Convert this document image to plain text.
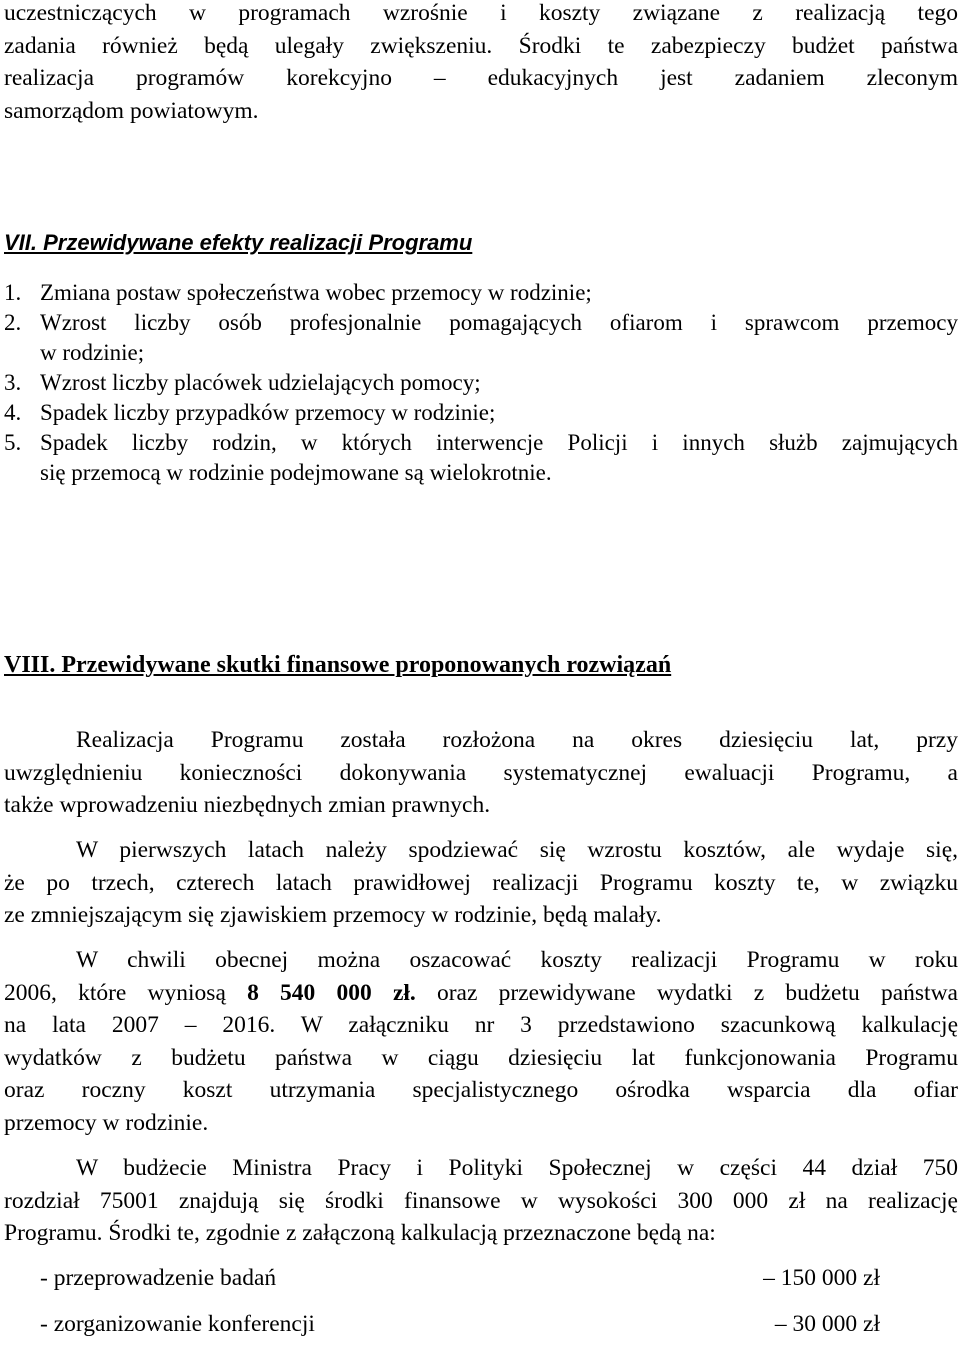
uczestniczących w programach wzrośnie i koszty związane z realizacją tego
zadania również będą ulegały zwiększeniu. Środki te zabezpieczy budżet państwa
realizacja programów korekcyjno – edukacyjnych jest zadaniem zleconym
samorządom powiatowym.
VII. Przewidywane efekty realizacji Programu
1. Zmiana postaw społeczeństwa wobec przemocy w rodzinie;
2. Wzrost liczby osób profesjonalnie pomagających ofiarom i sprawcom przemocy
w rodzinie;
3. Wzrost liczby placówek udzielających pomocy;
4. Spadek liczby przypadków przemocy w rodzinie;
5. Spadek liczby rodzin, w których interwencje Policji i innych służb zajmujących
się przemocą w rodzinie podejmowane są wielokrotnie.
VIII. Przewidywane skutki finansowe proponowanych rozwiązań
Realizacja Programu została rozłożona na okres dziesięciu lat, przy
uwzględnieniu konieczności dokonywania systematycznej ewaluacji Programu, a
także wprowadzeniu niezbędnych zmian prawnych.
W pierwszych latach należy spodziewać się wzrostu kosztów, ale wydaje się,
że po trzech, czterech latach prawidłowej realizacji Programu koszty te, w związku
ze zmniejszającym się zjawiskiem przemocy w rodzinie, będą malały.
W chwili obecnej można oszacować koszty realizacji Programu w roku
2006, które wyniosą 8 540 000 zł. oraz przewidywane wydatki z budżetu państwa
na lata 2007 – 2016. W załączniku nr 3 przedstawiono szacunkową kalkulację
wydatków z budżetu państwa w ciągu dziesięciu lat funkcjonowania Programu
oraz roczny koszt utrzymania specjalistycznego ośrodka wsparcia dla ofiar
przemocy w rodzinie.
W budżecie Ministra Pracy i Polityki Społecznej w części 44 dział 750
rozdział 75001 znajdują się środki finansowe w wysokości 300 000 zł na realizację
Programu. Środki te, zgodnie z załączoną kalkulacją przeznaczone będą na:
- przeprowadzenie badań	– 150 000 zł
- zorganizowanie konferencji	– 30 000 zł
